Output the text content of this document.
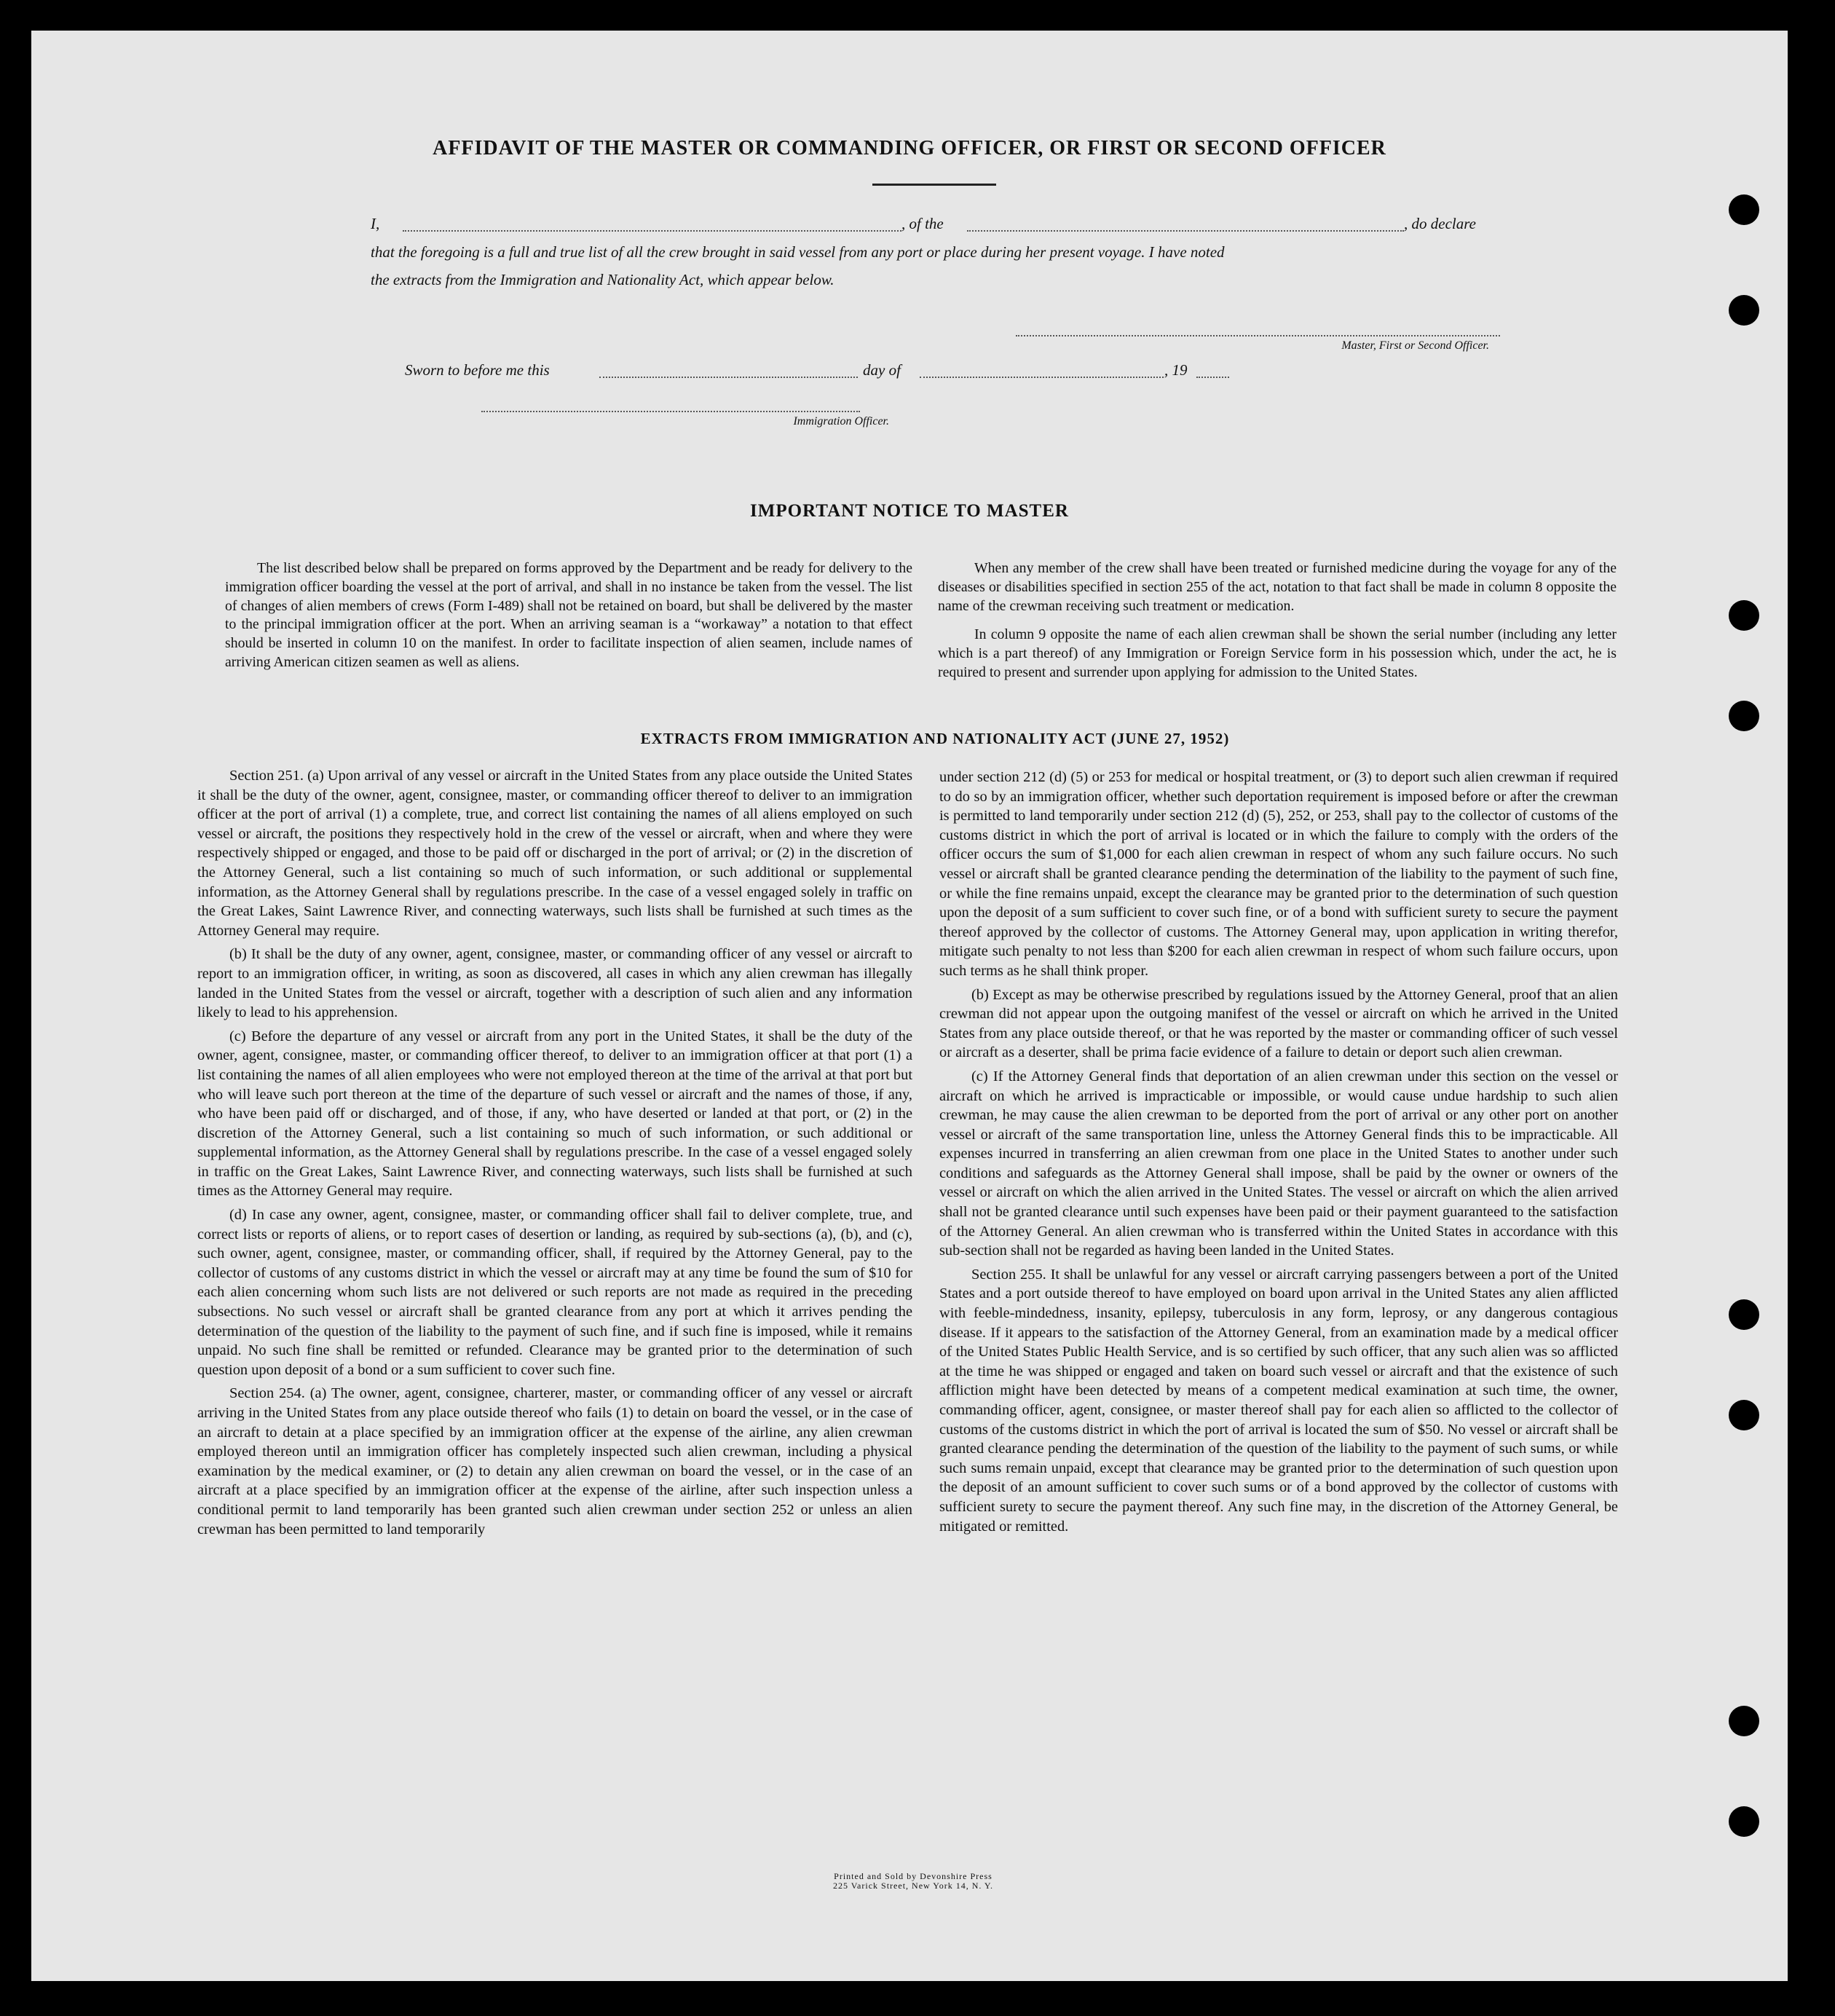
AFFIDAVIT OF THE MASTER OR COMMANDING OFFICER, OR FIRST OR SECOND OFFICER
I,	, of the	, do declare
that the foregoing is a full and true list of all the crew brought in said vessel from any port or place during her present voyage. I have noted
the extracts from the Immigration and Nationality Act, which appear below.
Master, First or Second Officer.
Sworn to before me this	day of	, 19
Immigration Officer.
IMPORTANT NOTICE TO MASTER

The list described below shall be prepared on forms approved by the Department and be ready for delivery to the immigration officer boarding the vessel at the port of arrival, and shall in no instance be taken from the vessel. The list of changes of alien members of crews (Form I-489) shall not be retained on board, but shall be delivered by the master to the principal immigration officer at the port. When an arriving seaman is a “workaway” a notation to that effect should be inserted in column 10 on the manifest. In order to facilitate inspection of alien seamen, include names of arriving American citizen seamen as well as aliens.

When any member of the crew shall have been treated or furnished medicine during the voyage for any of the diseases or disabilities specified in section 255 of the act, notation to that fact shall be made in column 8 opposite the name of the crewman receiving such treatment or medication.

In column 9 opposite the name of each alien crewman shall be shown the serial number (including any letter which is a part thereof) of any Immigration or Foreign Service form in his possession which, under the act, he is required to present and surrender upon applying for admission to the United States.

EXTRACTS FROM IMMIGRATION AND NATIONALITY ACT (JUNE 27, 1952)

Section 251. (a) Upon arrival of any vessel or aircraft in the United States from any place outside the United States it shall be the duty of the owner, agent, consignee, master, or commanding officer thereof to deliver to an immigration officer at the port of arrival (1) a complete, true, and correct list containing the names of all aliens employed on such vessel or aircraft, the positions they respectively hold in the crew of the vessel or aircraft, when and where they were respectively shipped or engaged, and those to be paid off or discharged in the port of arrival; or (2) in the discretion of the Attorney General, such a list containing so much of such information, or such additional or supplemental information, as the Attorney General shall by regulations prescribe. In the case of a vessel engaged solely in traffic on the Great Lakes, Saint Lawrence River, and connecting waterways, such lists shall be furnished at such times as the Attorney General may require.

(b) It shall be the duty of any owner, agent, consignee, master, or commanding officer of any vessel or aircraft to report to an immigration officer, in writing, as soon as discovered, all cases in which any alien crewman has illegally landed in the United States from the vessel or aircraft, together with a description of such alien and any information likely to lead to his apprehension.

(c) Before the departure of any vessel or aircraft from any port in the United States, it shall be the duty of the owner, agent, consignee, master, or commanding officer thereof, to deliver to an immigration officer at that port (1) a list containing the names of all alien employees who were not employed thereon at the time of the arrival at that port but who will leave such port thereon at the time of the departure of such vessel or aircraft and the names of those, if any, who have been paid off or discharged, and of those, if any, who have deserted or landed at that port, or (2) in the discretion of the Attorney General, such a list containing so much of such information, or such additional or supplemental information, as the Attorney General shall by regulations prescribe. In the case of a vessel engaged solely in traffic on the Great Lakes, Saint Lawrence River, and connecting waterways, such lists shall be furnished at such times as the Attorney General may require.

(d) In case any owner, agent, consignee, master, or commanding officer shall fail to deliver complete, true, and correct lists or reports of aliens, or to report cases of desertion or landing, as required by sub-sections (a), (b), and (c), such owner, agent, consignee, master, or commanding officer, shall, if required by the Attorney General, pay to the collector of customs of any customs district in which the vessel or aircraft may at any time be found the sum of $10 for each alien concerning whom such lists are not delivered or such reports are not made as required in the preceding subsections. No such vessel or aircraft shall be granted clearance from any port at which it arrives pending the determination of the question of the liability to the payment of such fine, and if such fine is imposed, while it remains unpaid. No such fine shall be remitted or refunded. Clearance may be granted prior to the determination of such question upon deposit of a bond or a sum sufficient to cover such fine.

Section 254. (a) The owner, agent, consignee, charterer, master, or commanding officer of any vessel or aircraft arriving in the United States from any place outside thereof who fails (1) to detain on board the vessel, or in the case of an aircraft to detain at a place specified by an immigration officer at the expense of the airline, any alien crewman employed thereon until an immigration officer has completely inspected such alien crewman, including a physical examination by the medical examiner, or (2) to detain any alien crewman on board the vessel, or in the case of an aircraft at a place specified by an immigration officer at the expense of the airline, after such inspection unless a conditional permit to land temporarily has been granted such alien crewman under section 252 or unless an alien crewman has been permitted to land temporarily

under section 212 (d) (5) or 253 for medical or hospital treatment, or (3) to deport such alien crewman if required to do so by an immigration officer, whether such deportation requirement is imposed before or after the crewman is permitted to land temporarily under section 212 (d) (5), 252, or 253, shall pay to the collector of customs of the customs district in which the port of arrival is located or in which the failure to comply with the orders of the officer occurs the sum of $1,000 for each alien crewman in respect of whom any such failure occurs. No such vessel or aircraft shall be granted clearance pending the determination of the liability to the payment of such fine, or while the fine remains unpaid, except the clearance may be granted prior to the determination of such question upon the deposit of a sum sufficient to cover such fine, or of a bond with sufficient surety to secure the payment thereof approved by the collector of customs. The Attorney General may, upon application in writing therefor, mitigate such penalty to not less than $200 for each alien crewman in respect of whom such failure occurs, upon such terms as he shall think proper.

(b) Except as may be otherwise prescribed by regulations issued by the Attorney General, proof that an alien crewman did not appear upon the outgoing manifest of the vessel or aircraft on which he arrived in the United States from any place outside thereof, or that he was reported by the master or commanding officer of such vessel or aircraft as a deserter, shall be prima facie evidence of a failure to detain or deport such alien crewman.

(c) If the Attorney General finds that deportation of an alien crewman under this section on the vessel or aircraft on which he arrived is impracticable or impossible, or would cause undue hardship to such alien crewman, he may cause the alien crewman to be deported from the port of arrival or any other port on another vessel or aircraft of the same transportation line, unless the Attorney General finds this to be impracticable. All expenses incurred in transferring an alien crewman from one place in the United States to another under such conditions and safeguards as the Attorney General shall impose, shall be paid by the owner or owners of the vessel or aircraft on which the alien arrived in the United States. The vessel or aircraft on which the alien arrived shall not be granted clearance until such expenses have been paid or their payment guaranteed to the satisfaction of the Attorney General. An alien crewman who is transferred within the United States in accordance with this sub-section shall not be regarded as having been landed in the United States.

Section 255. It shall be unlawful for any vessel or aircraft carrying passengers between a port of the United States and a port outside thereof to have employed on board upon arrival in the United States any alien afflicted with feeble-mindedness, insanity, epilepsy, tuberculosis in any form, leprosy, or any dangerous contagious disease. If it appears to the satisfaction of the Attorney General, from an examination made by a medical officer of the United States Public Health Service, and is so certified by such officer, that any such alien was so afflicted at the time he was shipped or engaged and taken on board such vessel or aircraft and that the existence of such affliction might have been detected by means of a competent medical examination at such time, the owner, commanding officer, agent, consignee, or master thereof shall pay for each alien so afflicted to the collector of customs of the customs district in which the port of arrival is located the sum of $50. No vessel or aircraft shall be granted clearance pending the determination of the question of the liability to the payment of such sums, or while such sums remain unpaid, except that clearance may be granted prior to the determination of such question upon the deposit of an amount sufficient to cover such sums or of a bond approved by the collector of customs with sufficient surety to secure the payment thereof. Any such fine may, in the discretion of the Attorney General, be mitigated or remitted.

Printed and Sold by Devonshire Press
225 Varick Street, New York 14, N. Y.
